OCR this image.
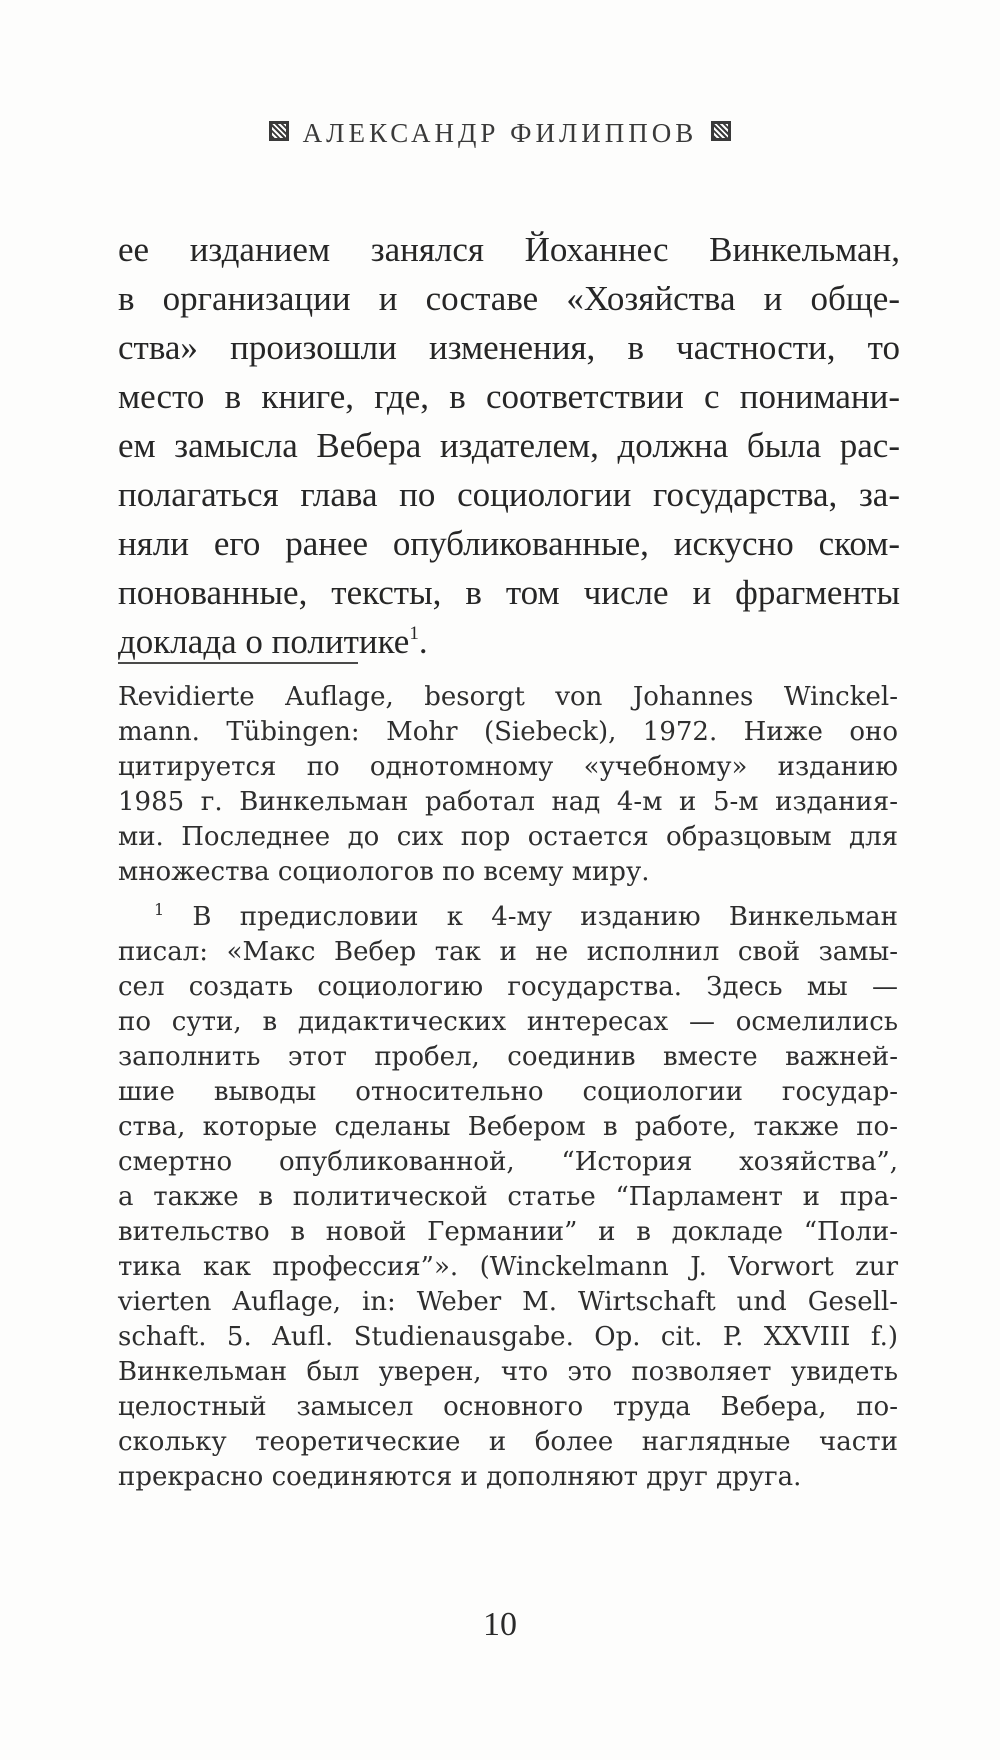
АЛЕКСАНДР ФИЛИППОВ
ее изданием занялся Йоханнес Винкельман,
в организации и составе «Хозяйства и обще-
ства» произошли изменения, в частности, то
место в книге, где, в соответствии с понимани-
ем замысла Вебера издателем, должна была рас-
полагаться глава по социологии государства, за-
няли его ранее опубликованные, искусно ском-
понованные, тексты, в том числе и фрагменты
доклада о политике$^1$.
Revidierte Auflage, besorgt von Johannes Winckel-
mann. Tübingen: Mohr (Siebeck), 1972. Ниже оно
цитируется по однотомному «учебному» изданию
1985 г. Винкельман работал над 4-м и 5-м издания-
ми. Последнее до сих пор остается образцовым для
множества социологов по всему миру.
$^1$ В предисловии к 4-му изданию Винкельман
писал: «Макс Вебер так и не исполнил свой замы-
сел создать социологию государства. Здесь мы —
по сути, в дидактических интересах — осмелились
заполнить этот пробел, соединив вместе важней-
шие выводы относительно социологии государ-
ства, которые сделаны Вебером в работе, также по-
смертно опубликованной, “История хозяйства”,
а также в политической статье “Парламент и пра-
вительство в новой Германии” и в докладе “Поли-
тика как профессия”». (Winckelmann J. Vorwort zur
vierten Auflage, in: Weber M. Wirtschaft und Gesell-
schaft. 5. Aufl. Studienausgabe. Op. cit. P. XXVIII f.)
Винкельман был уверен, что это позволяет увидеть
целостный замысел основного труда Вебера, по-
скольку теоретические и более наглядные части
прекрасно соединяются и дополняют друг друга.
10
